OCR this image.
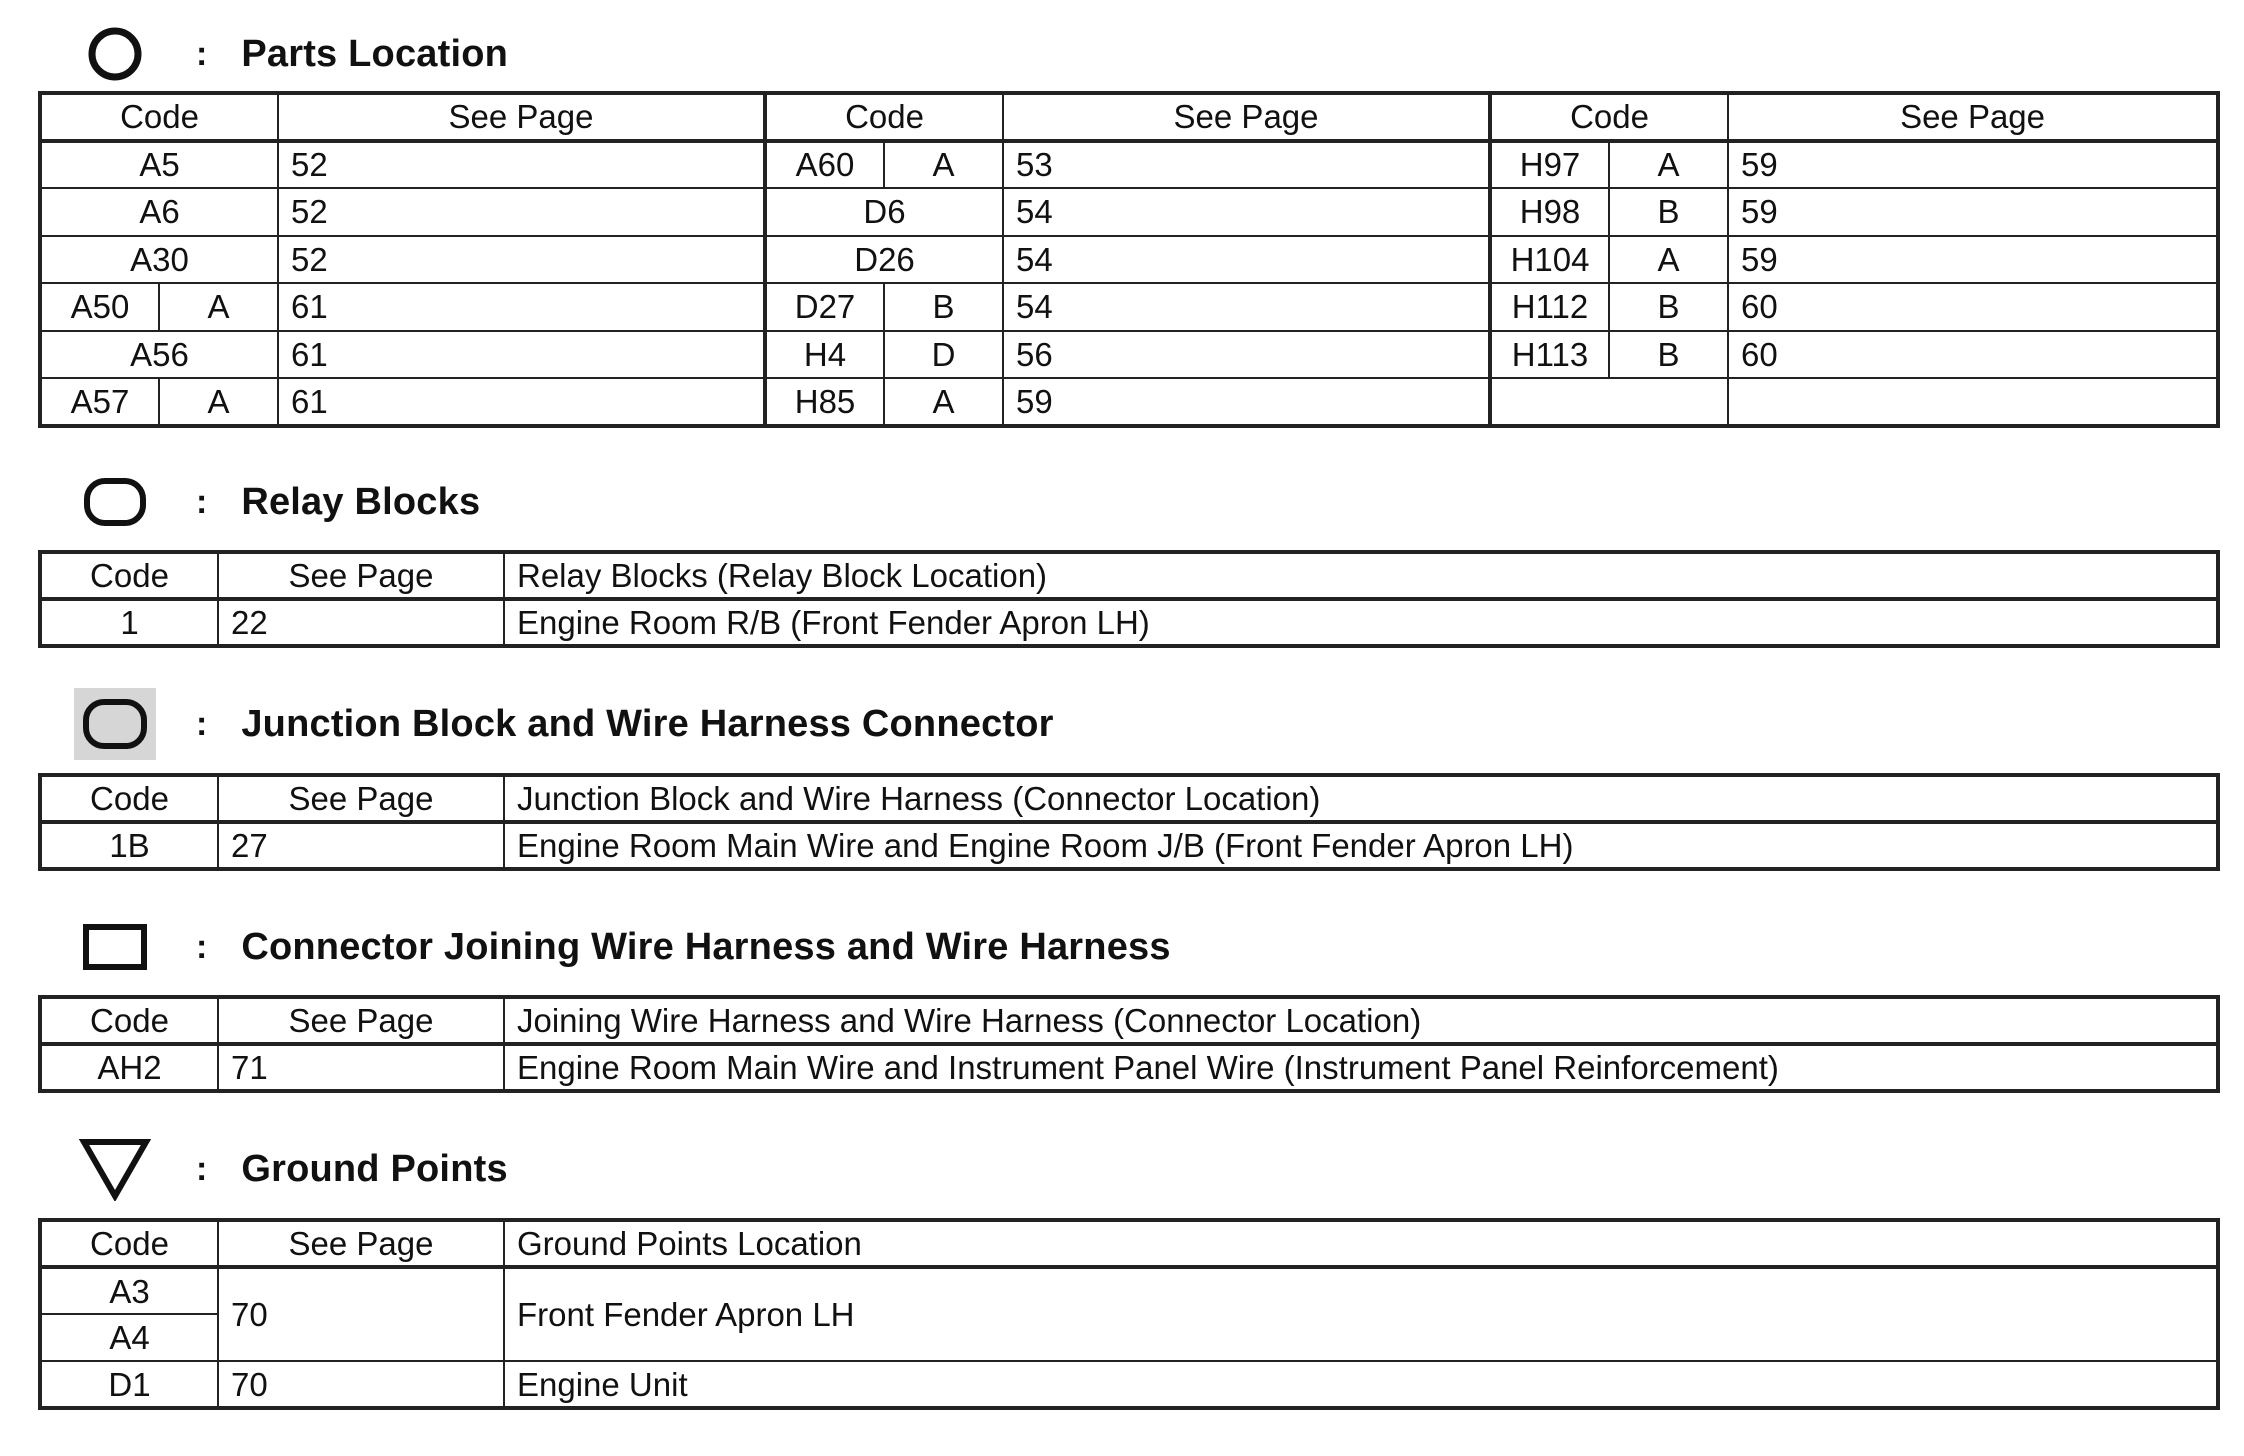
: Parts Location
Code		See Page	Code		See Page	Code		See Page
A5		52	A60	A	53	H97	A	59
A6		52	D6		54	H98	B	59
A30		52	D26		54	H104	A	59
A50	A	61	D27	B	54	H112	B	60
A56		61	H4	D	56	H113	B	60
A57	A	61	H85	A	59			
: Relay Blocks
Code	See Page	Relay Blocks (Relay Block Location)
1	22	Engine Room R/B (Front Fender Apron LH)
: Junction Block and Wire Harness Connector
Code	See Page	Junction Block and Wire Harness (Connector Location)
1B	27	Engine Room Main Wire and Engine Room J/B (Front Fender Apron LH)
: Connector Joining Wire Harness and Wire Harness
Code	See Page	Joining Wire Harness and Wire Harness (Connector Location)
AH2	71	Engine Room Main Wire and Instrument Panel Wire (Instrument Panel Reinforcement)
: Ground Points
Code	See Page	Ground Points Location
A3	70	Front Fender Apron LH
A4		
D1	70	Engine Unit
